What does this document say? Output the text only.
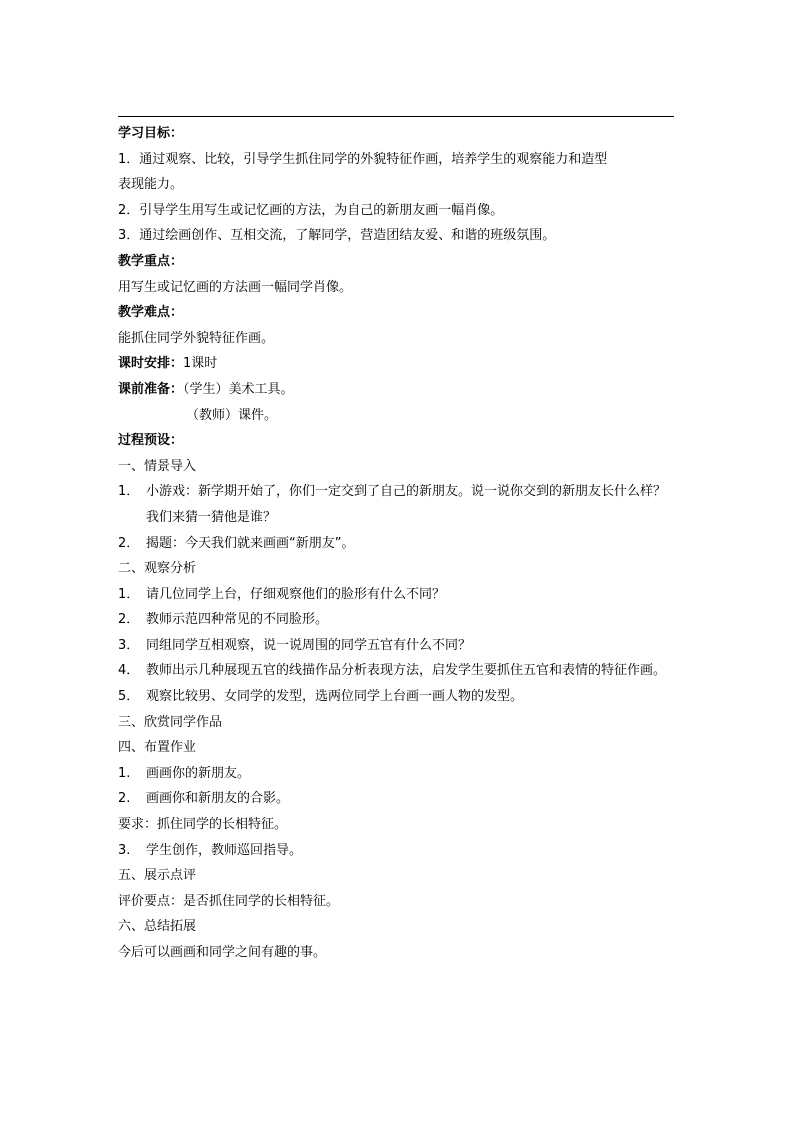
学习目标：
1．通过观察、比较，引导学生抓住同学的外貌特征作画，培养学生的观察能力和造型
表现能力。
2．引导学生用写生或记忆画的方法，为自己的新朋友画一幅肖像。
3．通过绘画创作、互相交流，了解同学，营造团结友爱、和谐的班级氛围。
教学重点：
用写生或记忆画的方法画一幅同学肖像。
教学难点：
能抓住同学外貌特征作画。
课时安排：1课时
课前准备：（学生）美术工具。
（教师）课件。
过程预设：
一、情景导入
1． 小游戏：新学期开始了，你们一定交到了自己的新朋友。说一说你交到的新朋友长什么样？我们来猜一猜他是谁？
2． 揭题：今天我们就来画画“新朋友”。
二、观察分析
1． 请几位同学上台，仔细观察他们的脸形有什么不同？
2． 教师示范四种常见的不同脸形。
3． 同组同学互相观察，说一说周围的同学五官有什么不同？
4． 教师出示几种展现五官的线描作品分析表现方法，启发学生要抓住五官和表情的特征作画。
5． 观察比较男、女同学的发型，选两位同学上台画一画人物的发型。
三、欣赏同学作品
四、布置作业
1.	画画你的新朋友。
2.	画画你和新朋友的合影。
要求：抓住同学的长相特征。
3.	学生创作，教师巡回指导。
五、展示点评
评价要点：是否抓住同学的长相特征。
六、总结拓展
今后可以画画和同学之间有趣的事。
